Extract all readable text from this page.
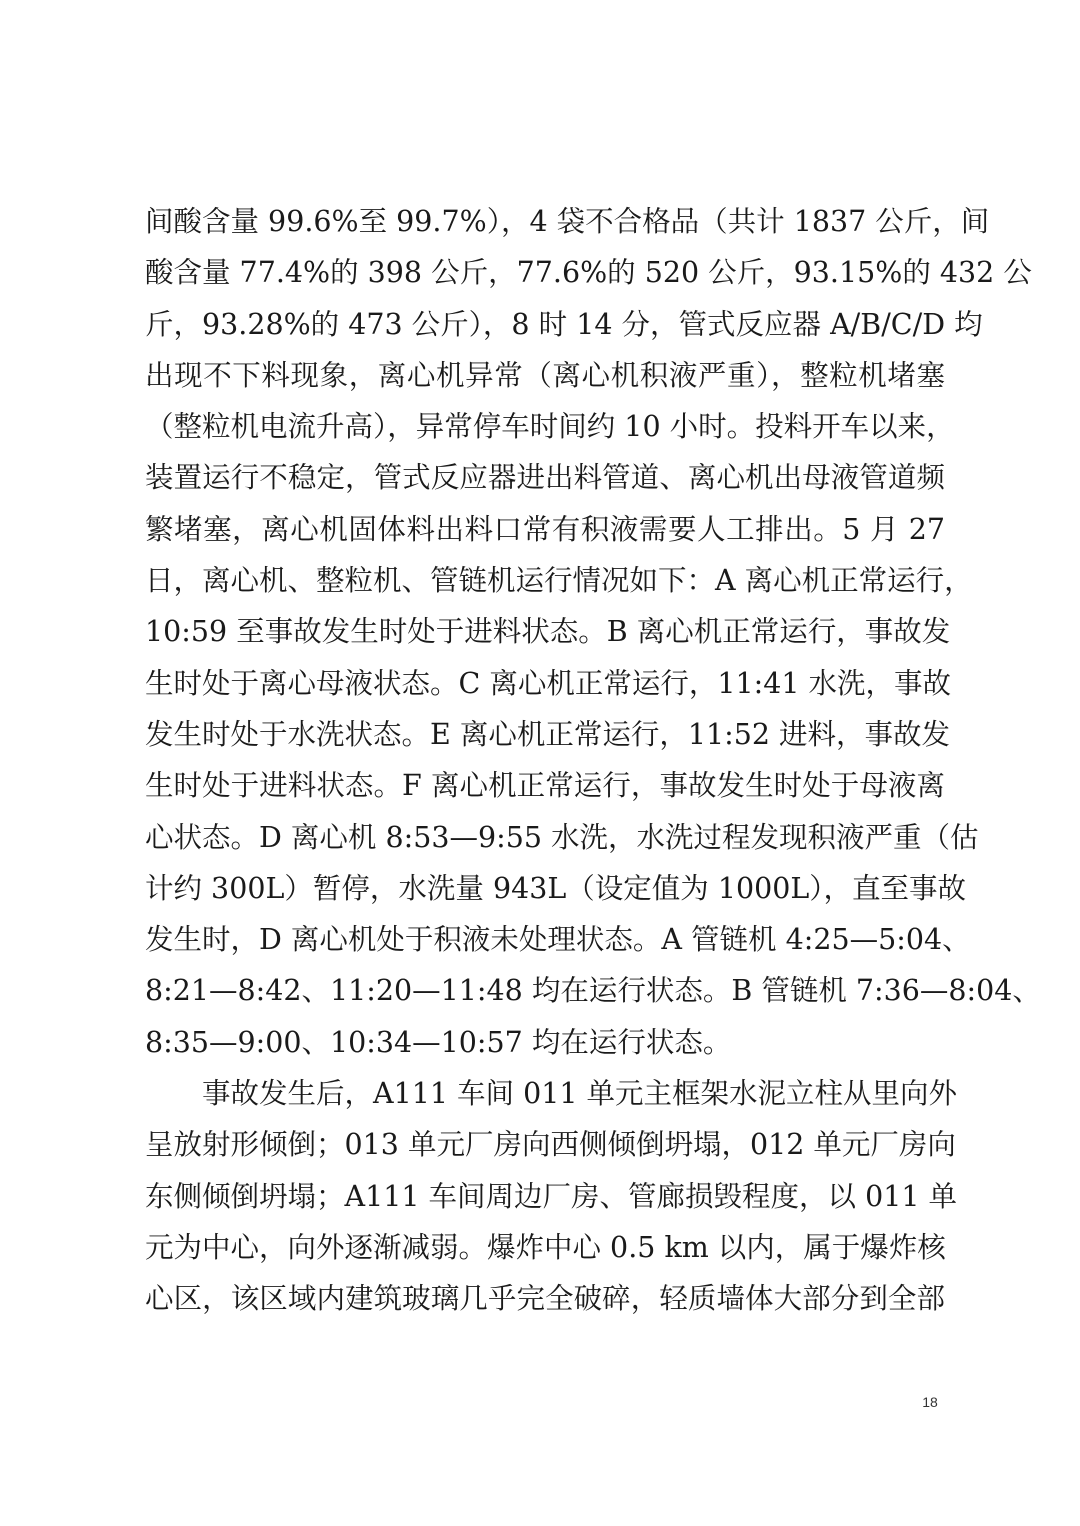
间酸含量 99.6%至 99.7%），4 袋不合格品（共计 1837 公斤，间
酸含量 77.4%的 398 公斤，77.6%的 520 公斤，93.15%的 432 公
斤，93.28%的 473 公斤），8 时 14 分，管式反应器 A/B/C/D 均
出现不下料现象，离心机异常（离心机积液严重），整粒机堵塞
（整粒机电流升高），异常停车时间约 10 小时。投料开车以来，
装置运行不稳定，管式反应器进出料管道、离心机出母液管道频
繁堵塞，离心机固体料出料口常有积液需要人工排出。5 月 27
日，离心机、整粒机、管链机运行情况如下：A 离心机正常运行，
10:59 至事故发生时处于进料状态。B 离心机正常运行，事故发
生时处于离心母液状态。C 离心机正常运行，11:41 水洗，事故
发生时处于水洗状态。E 离心机正常运行，11:52 进料，事故发
生时处于进料状态。F 离心机正常运行，事故发生时处于母液离
心状态。D 离心机 8:53—9:55 水洗，水洗过程发现积液严重（估
计约 300L）暂停，水洗量 943L（设定值为 1000L），直至事故
发生时，D 离心机处于积液未处理状态。A 管链机 4:25—5:04、
8:21—8:42、11:20—11:48 均在运行状态。B 管链机 7:36—8:04、
8:35—9:00、10:34—10:57 均在运行状态。
事故发生后，A111 车间 011 单元主框架水泥立柱从里向外
呈放射形倾倒；013 单元厂房向西侧倾倒坍塌，012 单元厂房向
东侧倾倒坍塌；A111 车间周边厂房、管廊损毁程度，以 011 单
元为中心，向外逐渐减弱。爆炸中心 0.5 km 以内，属于爆炸核
心区，该区域内建筑玻璃几乎完全破碎，轻质墙体大部分到全部
18
